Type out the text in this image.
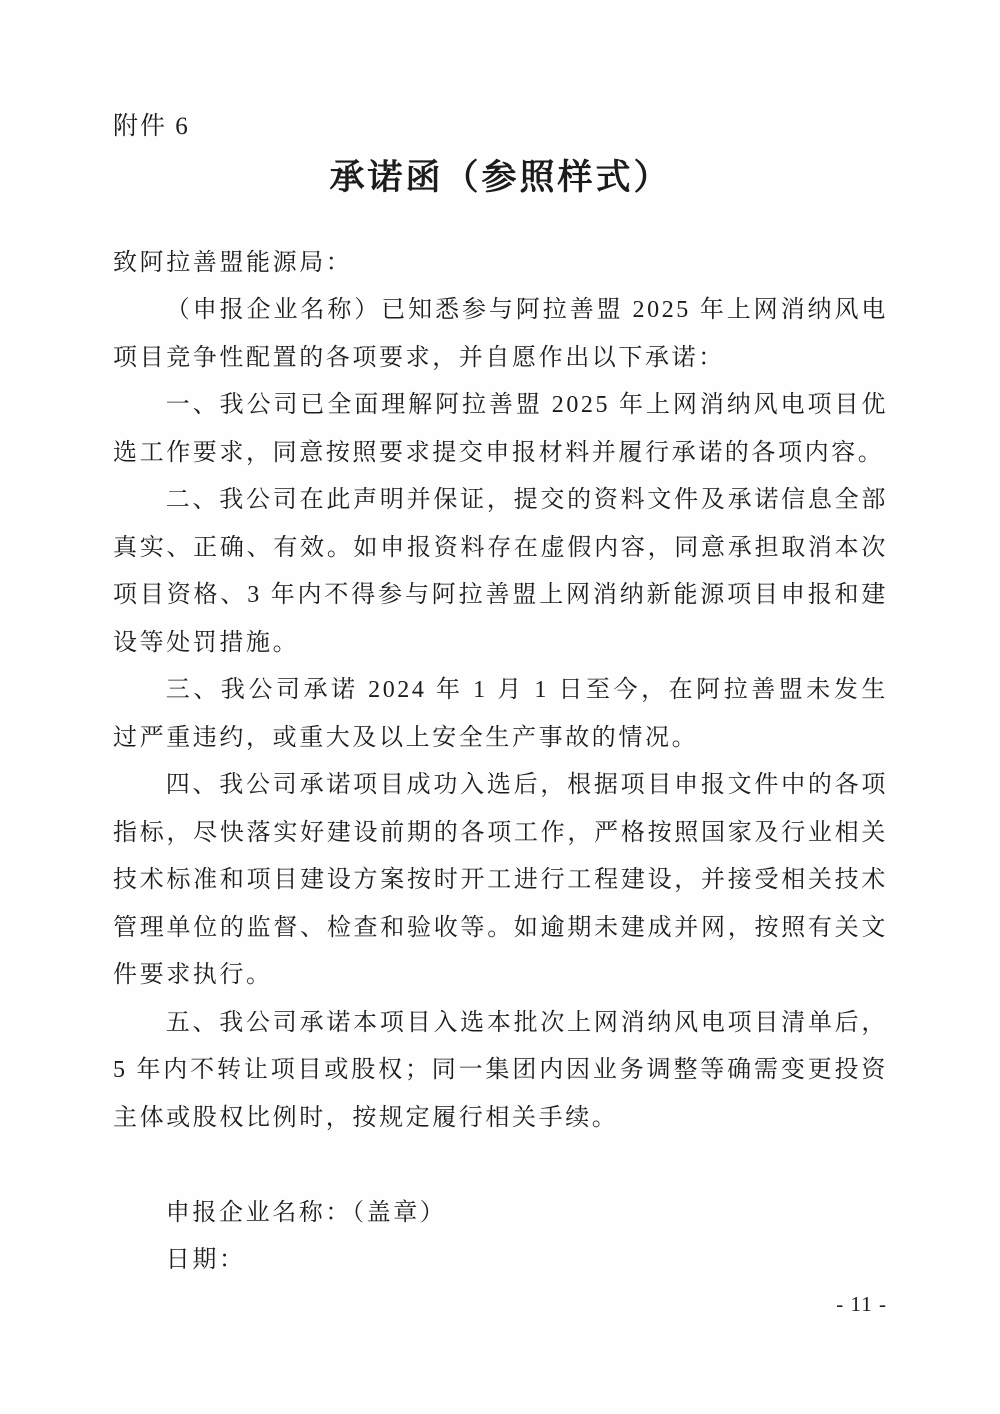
附件 6
承诺函（参照样式）

致阿拉善盟能源局：

（申报企业名称）已知悉参与阿拉善盟 2025 年上网消纳风电项目竞争性配置的各项要求，并自愿作出以下承诺：

一、我公司已全面理解阿拉善盟 2025 年上网消纳风电项目优选工作要求，同意按照要求提交申报材料并履行承诺的各项内容。

二、我公司在此声明并保证，提交的资料文件及承诺信息全部真实、正确、有效。如申报资料存在虚假内容，同意承担取消本次项目资格、3 年内不得参与阿拉善盟上网消纳新能源项目申报和建设等处罚措施。

三、我公司承诺 2024 年 1 月 1 日至今，在阿拉善盟未发生过严重违约，或重大及以上安全生产事故的情况。

四、我公司承诺项目成功入选后，根据项目申报文件中的各项指标，尽快落实好建设前期的各项工作，严格按照国家及行业相关技术标准和项目建设方案按时开工进行工程建设，并接受相关技术管理单位的监督、检查和验收等。如逾期未建成并网，按照有关文件要求执行。

五、我公司承诺本项目入选本批次上网消纳风电项目清单后，5 年内不转让项目或股权；同一集团内因业务调整等确需变更投资主体或股权比例时，按规定履行相关手续。

申报企业名称：（盖章）

日期：

- 11 -
